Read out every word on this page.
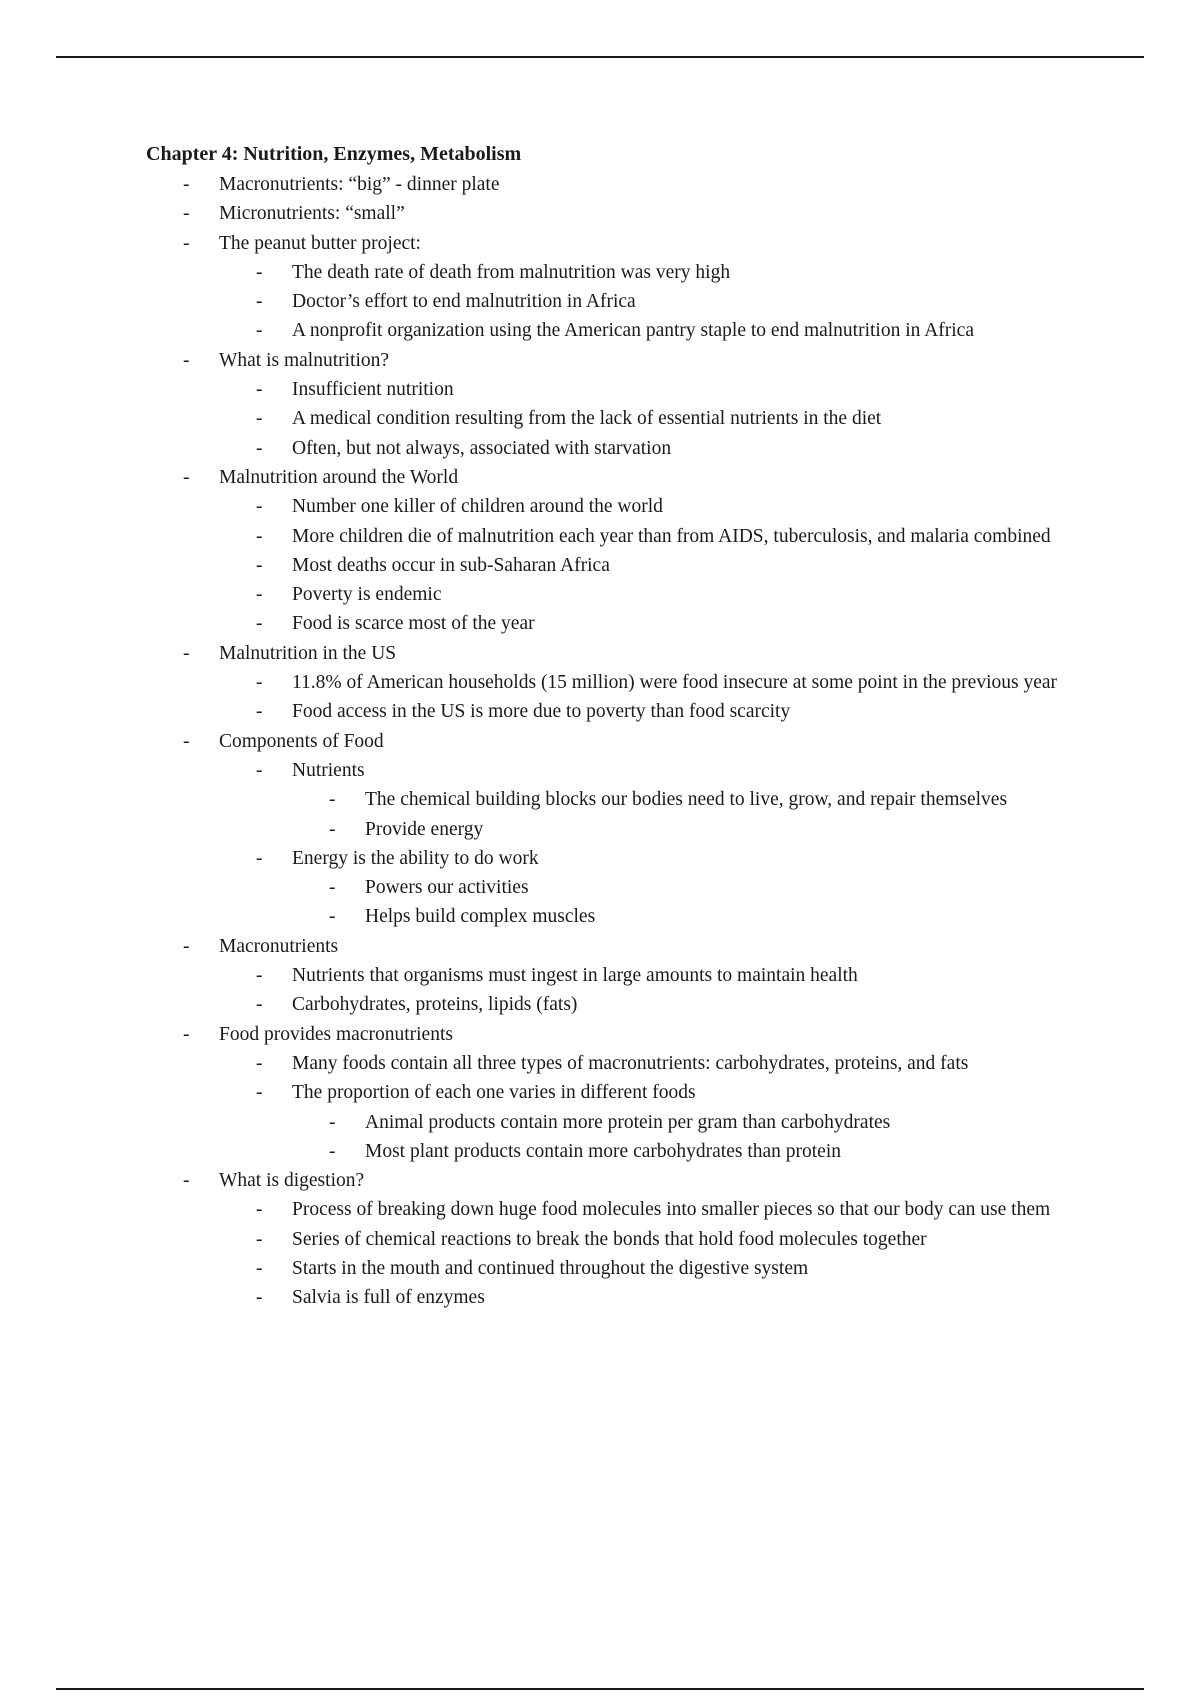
Chapter 4: Nutrition, Enzymes, Metabolism
- Macronutrients: “big” - dinner plate
- Micronutrients: “small”
- The peanut butter project:
- The death rate of death from malnutrition was very high
- Doctor’s effort to end malnutrition in Africa
- A nonprofit organization using the American pantry staple to end malnutrition in Africa
- What is malnutrition?
- Insufficient nutrition
- A medical condition resulting from the lack of essential nutrients in the diet
- Often, but not always, associated with starvation
- Malnutrition around the World
- Number one killer of children around the world
- More children die of malnutrition each year than from AIDS, tuberculosis, and malaria combined
- Most deaths occur in sub-Saharan Africa
- Poverty is endemic
- Food is scarce most of the year
- Malnutrition in the US
- 11.8% of American households (15 million) were food insecure at some point in the previous year
- Food access in the US is more due to poverty than food scarcity
- Components of Food
- Nutrients
- The chemical building blocks our bodies need to live, grow, and repair themselves
- Provide energy
- Energy is the ability to do work
- Powers our activities
- Helps build complex muscles
- Macronutrients
- Nutrients that organisms must ingest in large amounts to maintain health
- Carbohydrates, proteins, lipids (fats)
- Food provides macronutrients
- Many foods contain all three types of macronutrients: carbohydrates, proteins, and fats
- The proportion of each one varies in different foods
- Animal products contain more protein per gram than carbohydrates
- Most plant products contain more carbohydrates than protein
- What is digestion?
- Process of breaking down huge food molecules into smaller pieces so that our body can use them
- Series of chemical reactions to break the bonds that hold food molecules together
- Starts in the mouth and continued throughout the digestive system
- Salvia is full of enzymes
